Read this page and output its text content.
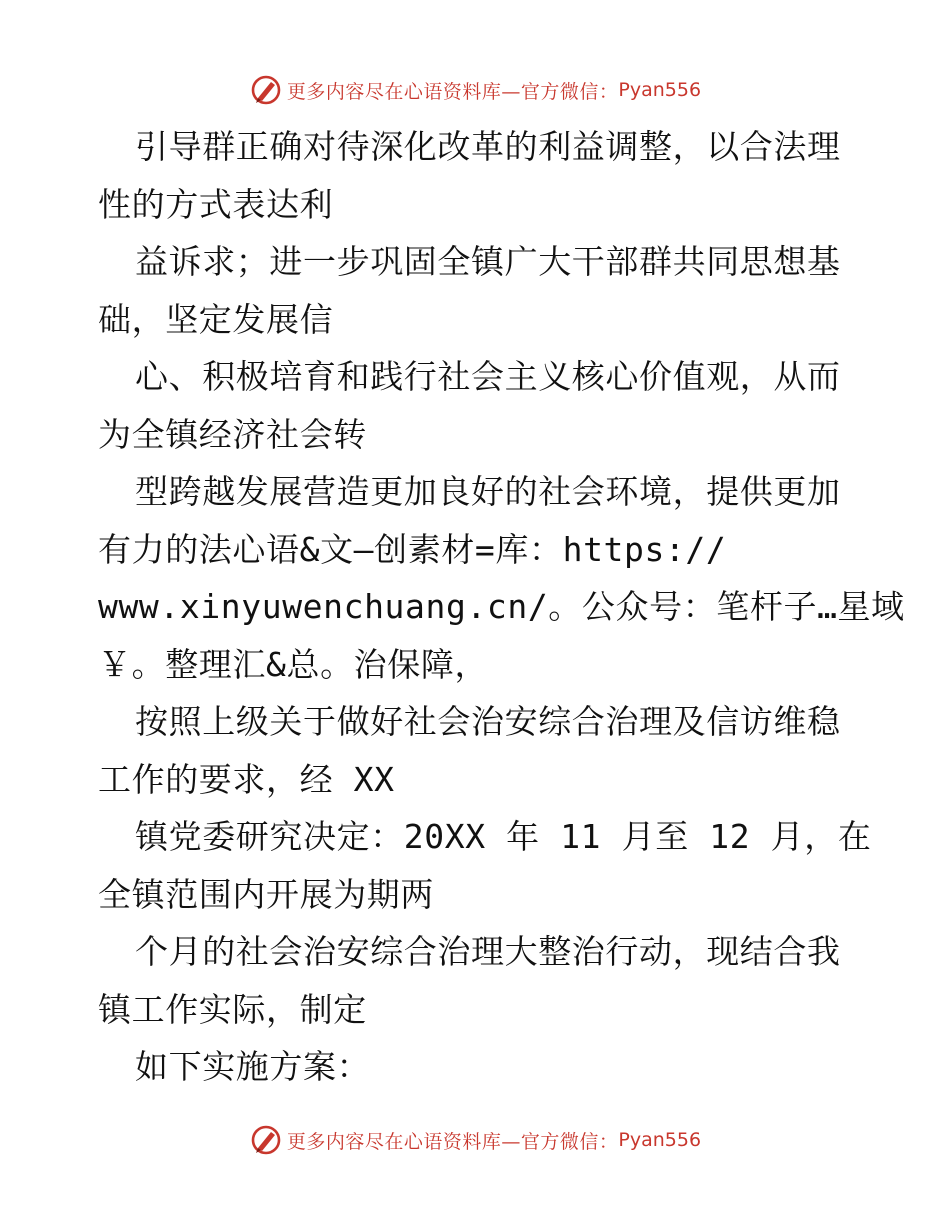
更多内容尽在心语资料库—官方微信： Pyan556
引导群正确对待深化改革的利益调整，以合法理
性的方式表达利
益诉求；进一步巩固全镇广大干部群共同思想基
础，坚定发展信
心、积极培育和践行社会主义核心价值观，从而
为全镇经济社会转
型跨越发展营造更加良好的社会环境，提供更加
有力的法心语&文—创素材=库：https://
www.xinyuwenchuang.cn/。公众号：笔杆子…星域
￥。整理汇&总。治保障，
按照上级关于做好社会治安综合治理及信访维稳
工作的要求，经 XX
镇党委研究决定：20XX 年 11 月至 12 月，在
全镇范围内开展为期两
个月的社会治安综合治理大整治行动，现结合我
镇工作实际，制定
如下实施方案：
更多内容尽在心语资料库—官方微信： Pyan556
